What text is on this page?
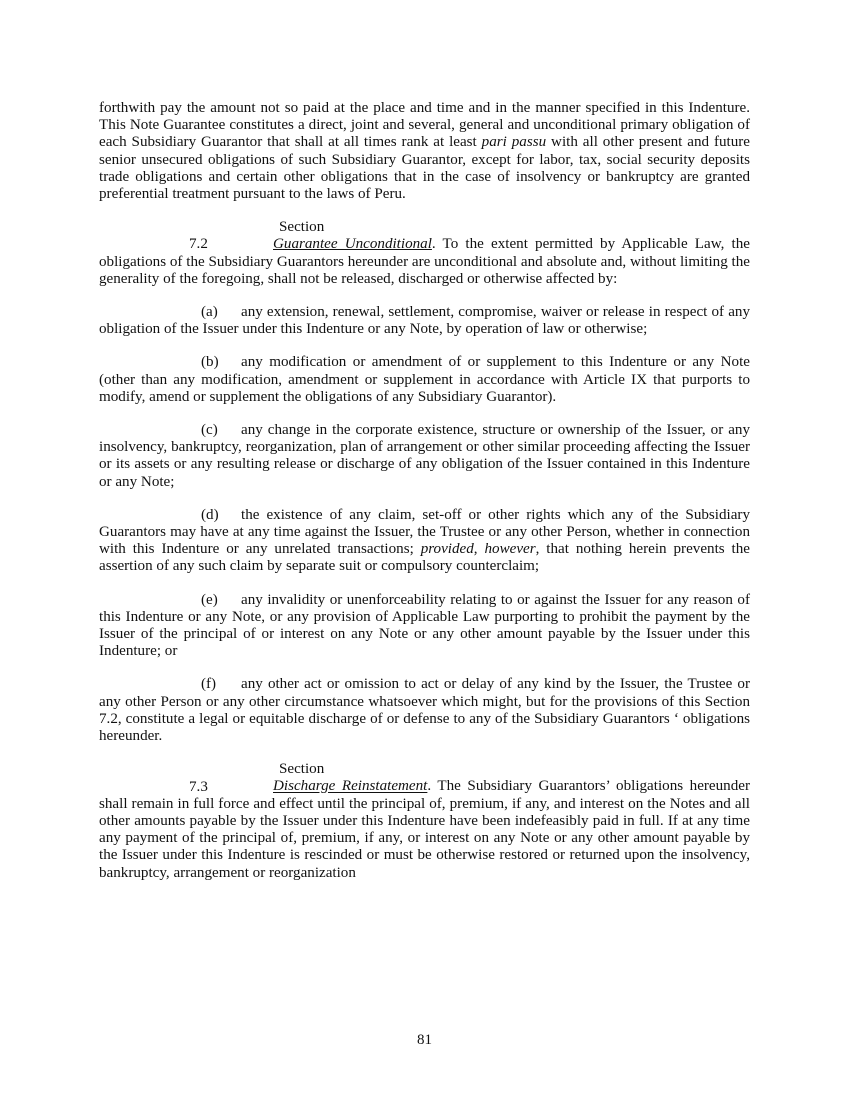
forthwith pay the amount not so paid at the place and time and in the manner specified in this Indenture. This Note Guarantee constitutes a direct, joint and several, general and unconditional primary obligation of each Subsidiary Guarantor that shall at all times rank at least pari passu with all other present and future senior unsecured obligations of such Subsidiary Guarantor, except for labor, tax, social security deposits trade obligations and certain other obligations that in the case of insolvency or bankruptcy are granted preferential treatment pursuant to the laws of Peru.

Section 7.2	Guarantee Unconditional. To the extent permitted by Applicable Law, the obligations of the Subsidiary Guarantors hereunder are unconditional and absolute and, without limiting the generality of the foregoing, shall not be released, discharged or otherwise affected by:

(a) any extension, renewal, settlement, compromise, waiver or release in respect of any obligation of the Issuer under this Indenture or any Note, by operation of law or otherwise;

(b) any modification or amendment of or supplement to this Indenture or any Note (other than any modification, amendment or supplement in accordance with Article IX that purports to modify, amend or supplement the obligations of any Subsidiary Guarantor).

(c) any change in the corporate existence, structure or ownership of the Issuer, or any insolvency, bankruptcy, reorganization, plan of arrangement or other similar proceeding affecting the Issuer or its assets or any resulting release or discharge of any obligation of the Issuer contained in this Indenture or any Note;

(d) the existence of any claim, set-off or other rights which any of the Subsidiary Guarantors may have at any time against the Issuer, the Trustee or any other Person, whether in connection with this Indenture or any unrelated transactions; provided, however, that nothing herein prevents the assertion of any such claim by separate suit or compulsory counterclaim;

(e) any invalidity or unenforceability relating to or against the Issuer for any reason of this Indenture or any Note, or any provision of Applicable Law purporting to prohibit the payment by the Issuer of the principal of or interest on any Note or any other amount payable by the Issuer under this Indenture; or

(f) any other act or omission to act or delay of any kind by the Issuer, the Trustee or any other Person or any other circumstance whatsoever which might, but for the provisions of this Section 7.2, constitute a legal or equitable discharge of or defense to any of the Subsidiary Guarantors ‘ obligations hereunder.

Section 7.3	Discharge Reinstatement. The Subsidiary Guarantors’ obligations hereunder shall remain in full force and effect until the principal of, premium, if any, and interest on the Notes and all other amounts payable by the Issuer under this Indenture have been indefeasibly paid in full. If at any time any payment of the principal of, premium, if any, or interest on any Note or any other amount payable by the Issuer under this Indenture is rescinded or must be otherwise restored or returned upon the insolvency, bankruptcy, arrangement or reorganization

81
